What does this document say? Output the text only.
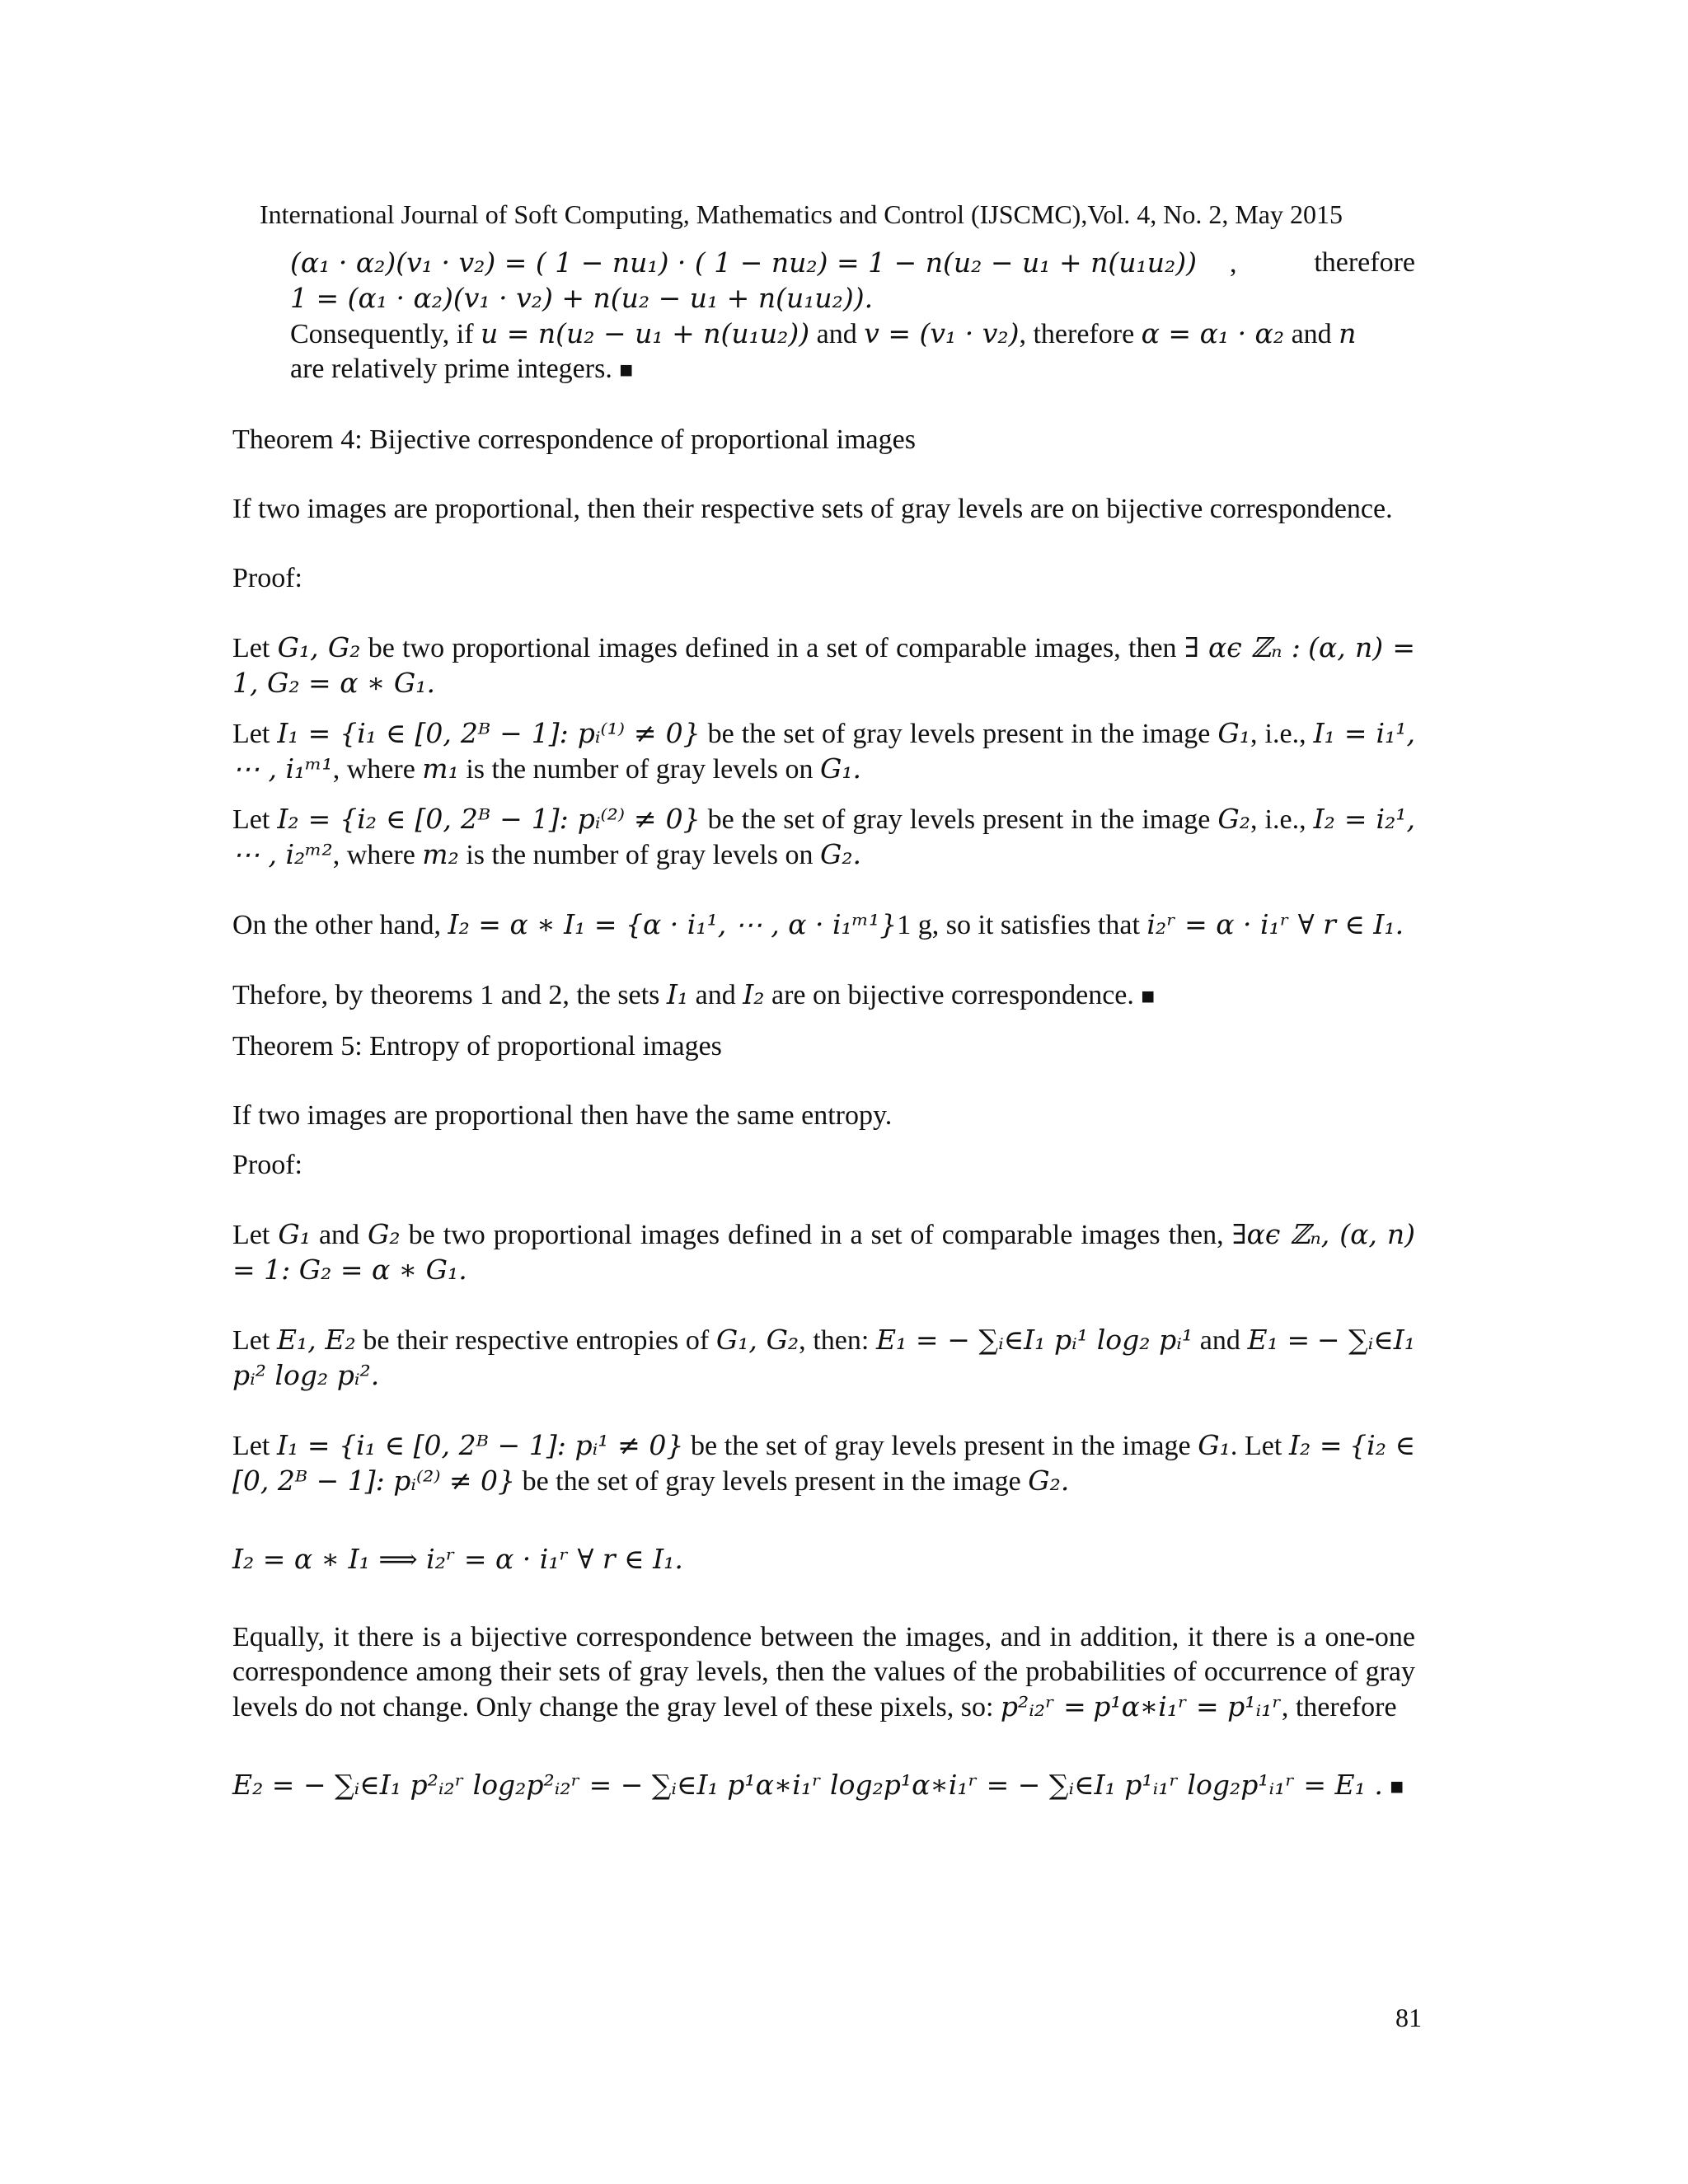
International Journal of Soft Computing, Mathematics and Control (IJSCMC),Vol. 4, No. 2, May 2015
(α₁ · α₂)(v₁ · v₂) = ( 1 − nu₁) · ( 1 − nu₂) = 1 − n(u₂ − u₁ + n(u₁u₂)) ,	therefore

1 = (α₁ · α₂)(v₁ · v₂) + n(u₂ − u₁ + n(u₁u₂)).

Consequently, if u = n(u₂ − u₁ + n(u₁u₂)) and v = (v₁ · v₂), therefore α = α₁ · α₂ and n

are relatively prime integers. ■

Theorem 4: Bijective correspondence of proportional images

If two images are proportional, then their respective sets of gray levels are on bijective correspondence.

Proof:

Let G₁, G₂ be two proportional images defined in a set of comparable images, then ∃ αϵ ℤₙ : (α, n) = 1, G₂ = α ∗ G₁.

Let I₁ = {i₁ ∈ [0, 2ᴮ − 1]: pᵢ⁽¹⁾ ≠ 0} be the set of gray levels present in the image G₁, i.e., I₁ = i₁¹, ⋯ , i₁ᵐ¹, where m₁ is the number of gray levels on G₁.

Let I₂ = {i₂ ∈ [0, 2ᴮ − 1]: pᵢ⁽²⁾ ≠ 0} be the set of gray levels present in the image G₂, i.e., I₂ = i₂¹, ⋯ , i₂ᵐ², where m₂ is the number of gray levels on G₂.

On the other hand, I₂ = α ∗ I₁ = {α · i₁¹, ⋯ , α · i₁ᵐ¹}1 g, so it satisfies that i₂ʳ = α · i₁ʳ ∀ r ∈ I₁.

Thefore, by theorems 1 and 2, the sets I₁ and I₂ are on bijective correspondence. ■

Theorem 5: Entropy of proportional images

If two images are proportional then have the same entropy.

Proof:

Let G₁ and G₂ be two proportional images defined in a set of comparable images then, ∃αϵ ℤₙ, (α, n) = 1: G₂ = α ∗ G₁.

Let E₁, E₂ be their respective entropies of G₁, G₂, then: E₁ = − ∑ᵢ∈I₁ pᵢ¹ log₂ pᵢ¹ and E₁ = − ∑ᵢ∈I₁ pᵢ² log₂ pᵢ².

Let I₁ = {i₁ ∈ [0, 2ᴮ − 1]: pᵢ¹ ≠ 0} be the set of gray levels present in the image G₁. Let I₂ = {i₂ ∈ [0, 2ᴮ − 1]: pᵢ⁽²⁾ ≠ 0} be the set of gray levels present in the image G₂.

I₂ = α ∗ I₁ ⟹ i₂ʳ = α · i₁ʳ ∀ r ∈ I₁.

Equally, it there is a bijective correspondence between the images, and in addition, it there is a one-one correspondence among their sets of gray levels, then the values of the probabilities of occurrence of gray levels do not change. Only change the gray level of these pixels, so: p²ᵢ₂ʳ = p¹α∗i₁ʳ = p¹ᵢ₁ʳ, therefore

E₂ = − ∑ᵢ∈I₁ p²ᵢ₂ʳ log₂p²ᵢ₂ʳ = − ∑ᵢ∈I₁ p¹α∗i₁ʳ log₂p¹α∗i₁ʳ = − ∑ᵢ∈I₁ p¹ᵢ₁ʳ log₂p¹ᵢ₁ʳ = E₁ . ■

81
